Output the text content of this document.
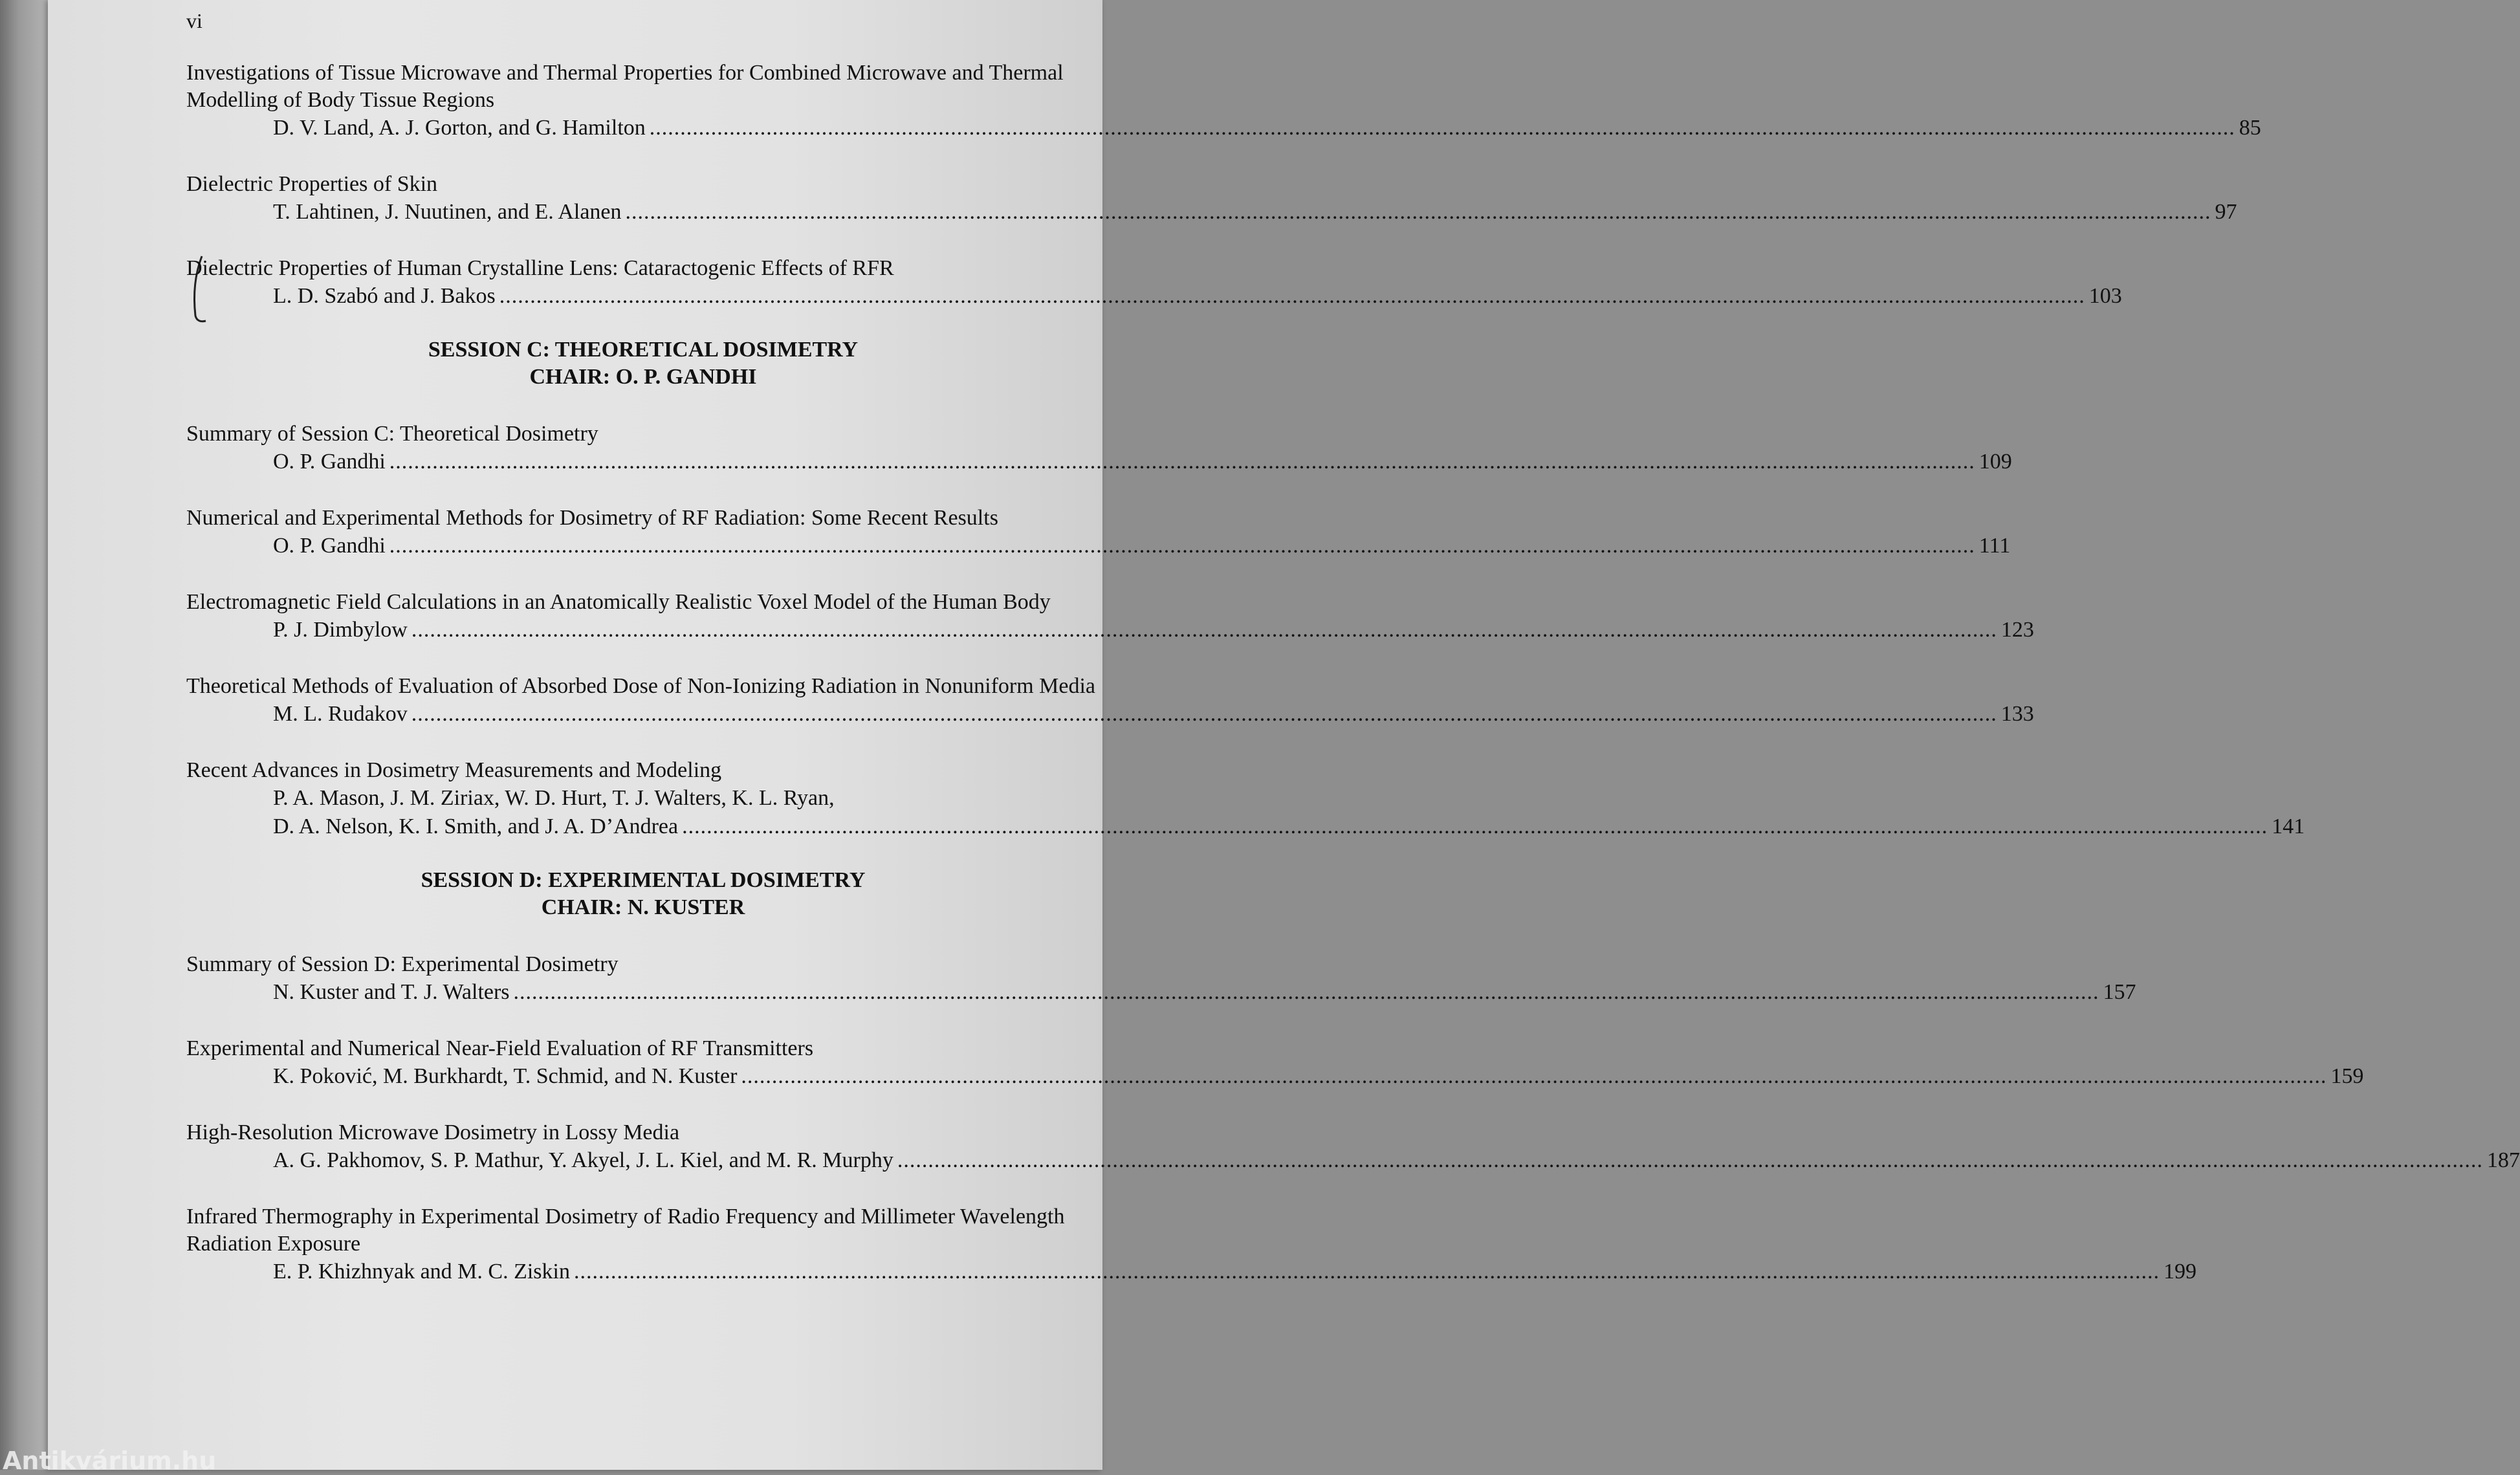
vi
Investigations of Tissue Microwave and Thermal Properties for Combined Microwave and Thermal Modelling of Body Tissue Regions
D. V. Land, A. J. Gorton, and G. Hamilton .....	85
Dielectric Properties of Skin
T. Lahtinen, J. Nuutinen, and E. Alanen .....	97
Dielectric Properties of Human Crystalline Lens: Cataractogenic Effects of RFR
L. D. Szabó and J. Bakos .....	103
SESSION C: THEORETICAL DOSIMETRY
CHAIR: O. P. GANDHI
Summary of Session C: Theoretical Dosimetry
O. P. Gandhi .....	109
Numerical and Experimental Methods for Dosimetry of RF Radiation: Some Recent Results
O. P. Gandhi .....	111
Electromagnetic Field Calculations in an Anatomically Realistic Voxel Model of the Human Body
P. J. Dimbylow .....	123
Theoretical Methods of Evaluation of Absorbed Dose of Non-Ionizing Radiation in Nonuniform Media
M. L. Rudakov .....	133
Recent Advances in Dosimetry Measurements and Modeling
P. A. Mason, J. M. Ziriax, W. D. Hurt, T. J. Walters, K. L. Ryan,
D. A. Nelson, K. I. Smith, and J. A. D’Andrea .....	141
SESSION D: EXPERIMENTAL DOSIMETRY
CHAIR: N. KUSTER
Summary of Session D: Experimental Dosimetry
N. Kuster and T. J. Walters .....	157
Experimental and Numerical Near-Field Evaluation of RF Transmitters
K. Poković, M. Burkhardt, T. Schmid, and N. Kuster .....	159
High-Resolution Microwave Dosimetry in Lossy Media
A. G. Pakhomov, S. P. Mathur, Y. Akyel, J. L. Kiel, and M. R. Murphy .....	187
Infrared Thermography in Experimental Dosimetry of Radio Frequency and Millimeter Wavelength Radiation Exposure
E. P. Khizhnyak and M. C. Ziskin .....	199
Antikvárium.hu
